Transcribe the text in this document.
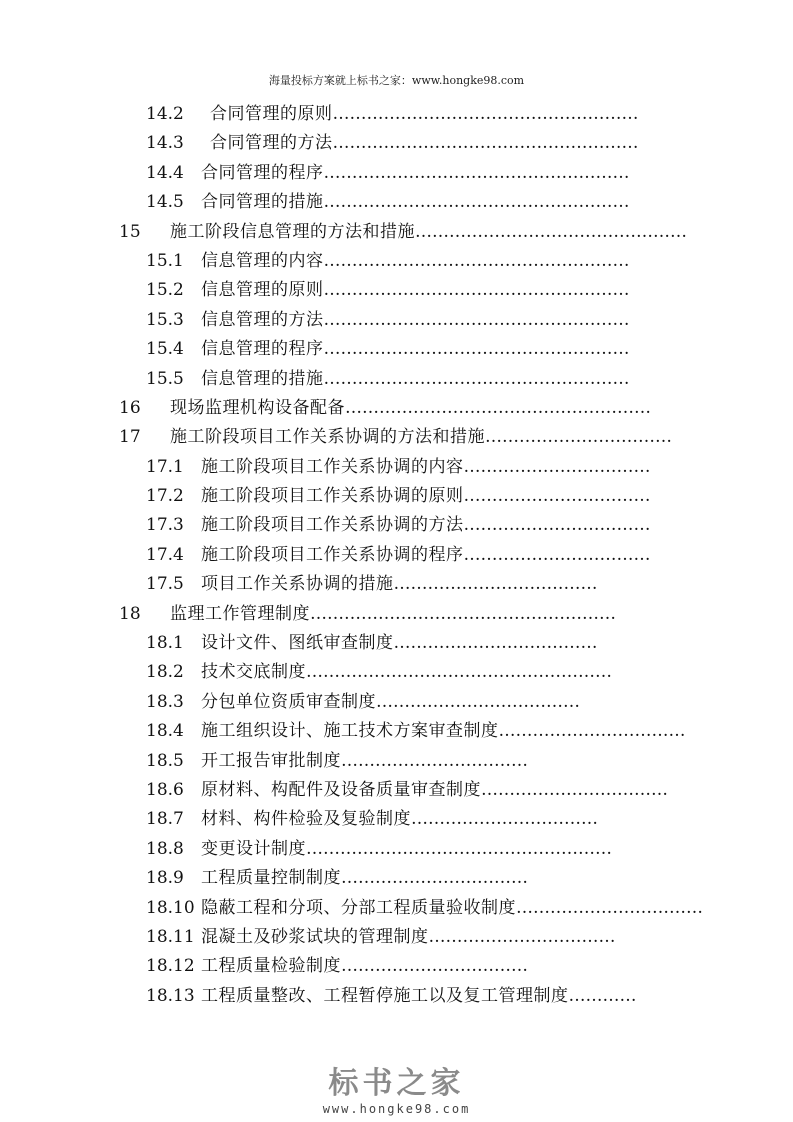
海量投标方案就上标书之家：www.hongke98.com
14.2 合同管理的原则………………………………………………
14.3 合同管理的方法………………………………………………
14.4 合同管理的程序………………………………………………
14.5 合同管理的措施………………………………………………
15 施工阶段信息管理的方法和措施…………………………………………
15.1 信息管理的内容………………………………………………
15.2 信息管理的原则………………………………………………
15.3 信息管理的方法………………………………………………
15.4 信息管理的程序………………………………………………
15.5 信息管理的措施………………………………………………
16 现场监理机构设备配备………………………………………………
17 施工阶段项目工作关系协调的方法和措施……………………………
17.1 施工阶段项目工作关系协调的内容……………………………
17.2 施工阶段项目工作关系协调的原则……………………………
17.3 施工阶段项目工作关系协调的方法……………………………
17.4 施工阶段项目工作关系协调的程序……………………………
17.5 项目工作关系协调的措施………………………………
18 监理工作管理制度………………………………………………
18.1 设计文件、图纸审查制度………………………………
18.2 技术交底制度………………………………………………
18.3 分包单位资质审查制度………………………………
18.4 施工组织设计、施工技术方案审查制度……………………………
18.5 开工报告审批制度……………………………
18.6 原材料、构配件及设备质量审查制度……………………………
18.7 材料、构件检验及复验制度……………………………
18.8 变更设计制度………………………………………………
18.9 工程质量控制制度……………………………
18.10 隐蔽工程和分项、分部工程质量验收制度……………………………
18.11 混凝土及砂浆试块的管理制度……………………………
18.12 工程质量检验制度……………………………
18.13 工程质量整改、工程暂停施工以及复工管理制度…………
标书之家
www.hongke98.com
